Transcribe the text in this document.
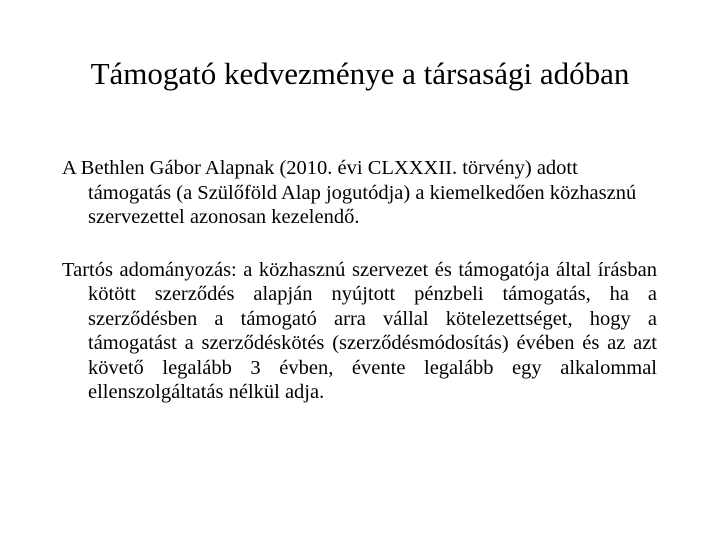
Támogató kedvezménye a társasági adóban

A Bethlen Gábor Alapnak (2010. évi CLXXXII. törvény) adott támogatás (a Szülőföld Alap jogutódja) a kiemelkedően közhasznú szervezettel azonosan kezelendő.

Tartós adományozás: a közhasznú szervezet és támogatója által írásban kötött szerződés alapján nyújtott pénzbeli támogatás, ha a szerződésben a támogató arra vállal kötelezettséget, hogy a támogatást a szerződéskötés (szerződésmódosítás) évében és az azt követő legalább 3 évben, évente legalább egy alkalommal ellenszolgáltatás nélkül adja.
